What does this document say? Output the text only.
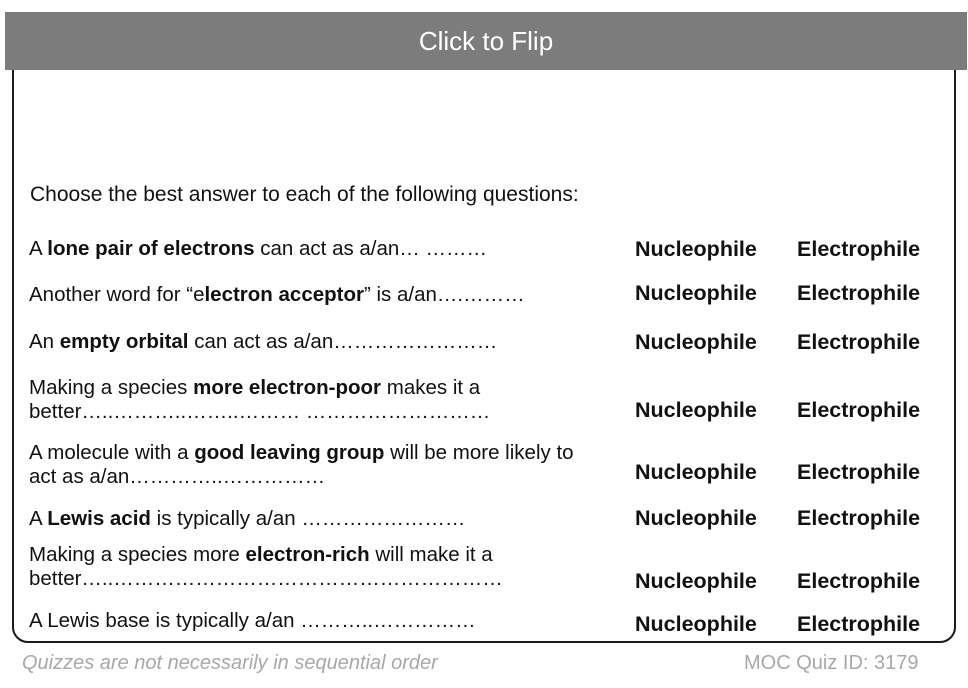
Click to Flip
Choose the best answer to each of the following questions:
A lone pair of electrons can act as a/an… ………	Nucleophile Electrophile
Another word for “electron acceptor” is a/an….………	Nucleophile Electrophile
An empty orbital can act as a/an……………………	Nucleophile Electrophile
Making a species more electron-poor makes it a better…..………..……..……… ………………………	Nucleophile Electrophile
A molecule with a good leaving group will be more likely to act as a/an…………..……………	Nucleophile Electrophile
A Lewis acid is typically a/an ……………………	Nucleophile Electrophile
Making a species more electron-rich will make it a better…..…………………………………………………	Nucleophile Electrophile
A Lewis base is typically a/an ………..……………	Nucleophile Electrophile
Quizzes are not necessarily in sequential order	MOC Quiz ID: 3179
